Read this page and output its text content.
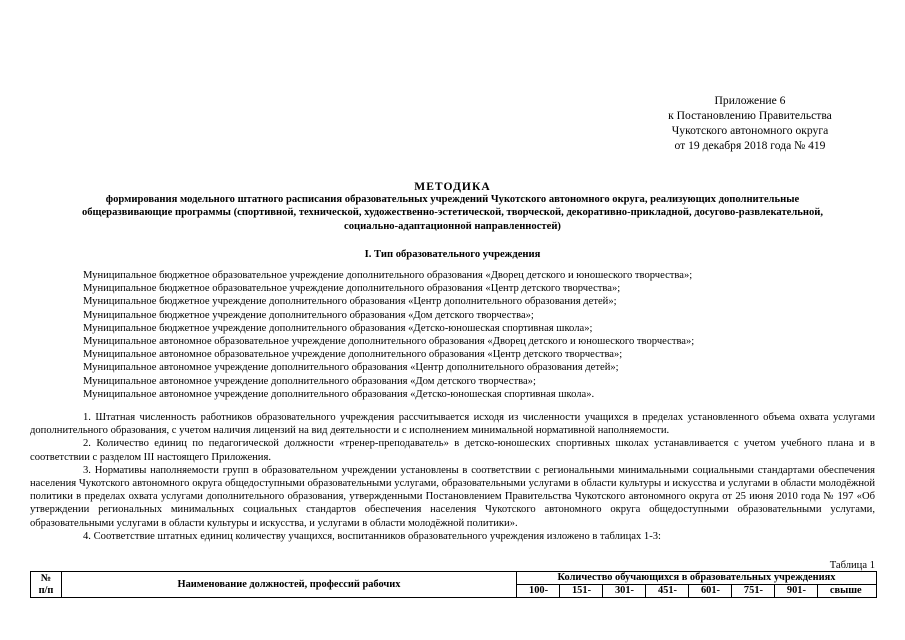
Приложение 6
к Постановлению Правительства
Чукотского автономного округа
от 19 декабря 2018 года № 419
МЕТОДИКА
формирования модельного штатного расписания образовательных учреждений Чукотского автономного округа, реализующих дополнительные
общеразвивающие программы (спортивной, технической, художественно-эстетической, творческой, декоративно-прикладной, досугово-развлекательной,
социально-адаптационной направленностей)
I. Тип образовательного учреждения
Муниципальное бюджетное образовательное учреждение дополнительного образования «Дворец детского и юношеского творчества»;
Муниципальное бюджетное образовательное учреждение дополнительного образования «Центр детского творчества»;
Муниципальное бюджетное учреждение дополнительного образования «Центр дополнительного образования детей»;
Муниципальное бюджетное учреждение дополнительного образования «Дом детского творчества»;
Муниципальное бюджетное учреждение дополнительного образования «Детско-юношеская спортивная школа»;
Муниципальное автономное образовательное учреждение дополнительного образования «Дворец детского и юношеского творчества»;
Муниципальное автономное образовательное учреждение дополнительного образования «Центр детского творчества»;
Муниципальное автономное учреждение дополнительного образования «Центр дополнительного образования детей»;
Муниципальное автономное учреждение дополнительного образования «Дом детского творчества»;
Муниципальное автономное учреждение дополнительного образования «Детско-юношеская спортивная школа».
1. Штатная численность работников образовательного учреждения рассчитывается исходя из численности учащихся в пределах установленного объема охвата услугами дополнительного образования, с учетом наличия лицензий на вид деятельности и с исполнением минимальной нормативной наполняемости.
2. Количество единиц по педагогической должности «тренер-преподаватель» в детско-юношеских спортивных школах устанавливается с учетом учебного плана и в соответствии с разделом III настоящего Приложения.
3. Нормативы наполняемости групп в образовательном учреждении установлены в соответствии с региональными минимальными социальными стандартами обеспечения населения Чукотского автономного округа общедоступными образовательными услугами, образовательными услугами в области культуры и искусства и услугами в области молодёжной политики в пределах охвата услугами дополнительного образования, утвержденными Постановлением Правительства Чукотского автономного округа от 25 июня 2010 года № 197 «Об утверждении региональных минимальных социальных стандартов обеспечения населения Чукотского автономного округа общедоступными образовательными услугами, образовательными услугами в области культуры и искусства, и услугами в области молодёжной политики».
4. Соответствие штатных единиц количеству учащихся, воспитанников образовательного учреждения изложено в таблицах 1-3:
Таблица 1
№
п/п	Наименование должностей, профессий рабочих	Количество обучающихся в образовательных учреждениях							
		100-	151-	301-	451-	601-	751-	901-	свыше
